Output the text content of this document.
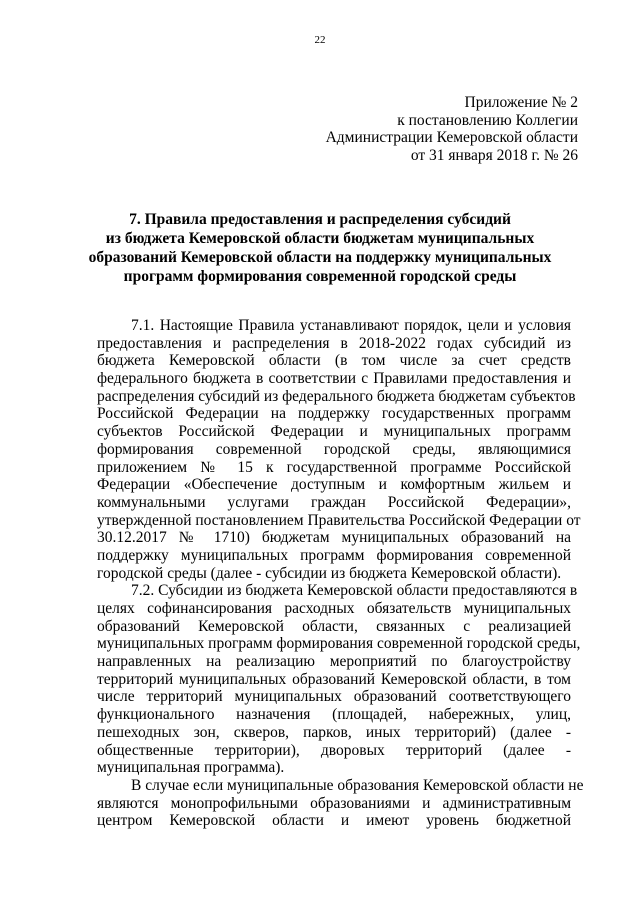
22
Приложение № 2
к постановлению Коллегии
Администрации Кемеровской области
от 31 января 2018 г. № 26
7. Правила предоставления и распределения субсидий
из бюджета Кемеровской области бюджетам муниципальных
образований Кемеровской области на поддержку муниципальных
программ формирования современной городской среды
7.1. Настоящие Правила устанавливают порядок, цели и условия
предоставления и распределения в 2018-2022 годах субсидий из
бюджета Кемеровской области (в том числе за счет средств
федерального бюджета в соответствии с Правилами предоставления и
распределения субсидий из федерального бюджета бюджетам субъектов
Российской Федерации на поддержку государственных программ
субъектов Российской Федерации и муниципальных программ
формирования современной городской среды, являющимися
приложением № 15 к государственной программе Российской
Федерации «Обеспечение доступным и комфортным жильем и
коммунальными услугами граждан Российской Федерации»,
утвержденной постановлением Правительства Российской Федерации от
30.12.2017 № 1710) бюджетам муниципальных образований на
поддержку муниципальных программ формирования современной
городской среды (далее - субсидии из бюджета Кемеровской области).
7.2. Субсидии из бюджета Кемеровской области предоставляются в
целях софинансирования расходных обязательств муниципальных
образований Кемеровской области, связанных с реализацией
муниципальных программ формирования современной городской среды,
направленных на реализацию мероприятий по благоустройству
территорий муниципальных образований Кемеровской области, в том
числе территорий муниципальных образований соответствующего
функционального назначения (площадей, набережных, улиц,
пешеходных зон, скверов, парков, иных территорий) (далее -
общественные территории), дворовых территорий (далее -
муниципальная программа).
В случае если муниципальные образования Кемеровской области не
являются монопрофильными образованиями и административным
центром Кемеровской области и имеют уровень бюджетной
